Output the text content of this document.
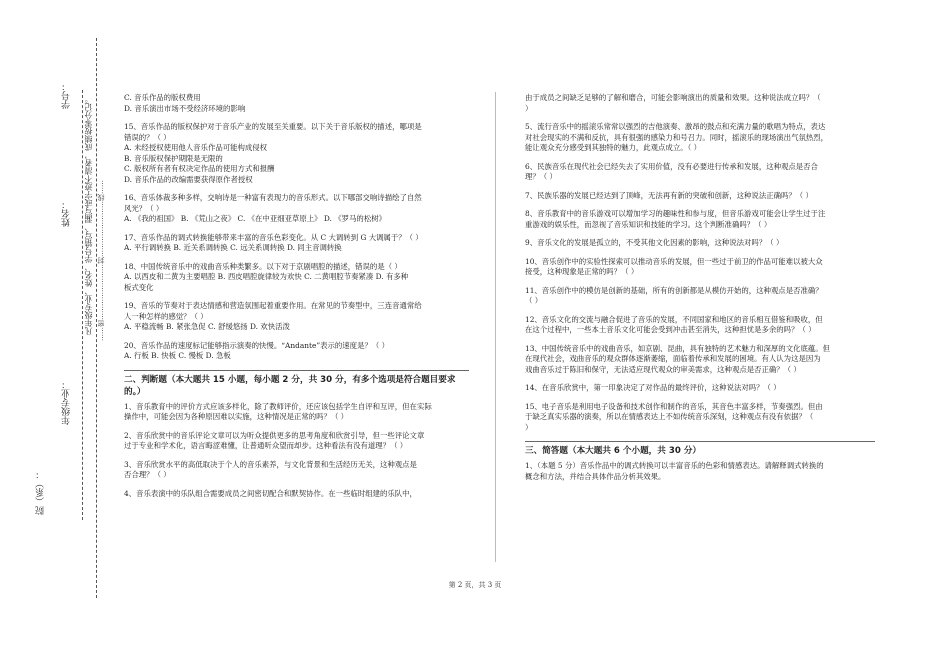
学号：
姓名：
年级专业：
院（系）：
凡年级专业、姓名、学号错写、漏写或字迹不清者，成绩按零分记。 ……密……………………封……………………线……

C. 音乐作品的版权费用

D. 音乐演出市场不受经济环境的影响

15、音乐作品的版权保护对于音乐产业的发展至关重要。以下关于音乐版权的描述，哪项是

错误的？（ ）

A. 未经授权使用他人音乐作品可能构成侵权

B. 音乐版权保护期限是无限的

C. 版权所有者有权决定作品的使用方式和报酬

D. 音乐作品的改编需要获得原作者授权

16、音乐体裁多种多样，交响诗是一种富有表现力的音乐形式。以下哪部交响诗描绘了自然

风光？（ ）

A. 《我的祖国》 B. 《荒山之夜》 C. 《在中亚细亚草原上》 D. 《罗马的松树》

17、音乐作品的调式转换能够带来丰富的音乐色彩变化。从 C 大调转到 G 大调属于？（ ）

A. 平行调转换 B. 近关系调转换 C. 远关系调转换 D. 同主音调转换

18、中国传统音乐中的戏曲音乐种类繁多。以下对于京剧唱腔的描述，错误的是（ ）

A. 以西皮和二黄为主要唱腔 B. 西皮唱腔旋律较为欢快 C. 二黄唱腔节奏紧凑 D. 有多种

板式变化

19、音乐的节奏对于表达情感和营造氛围起着重要作用。在常见的节奏型中，三连音通常给

人一种怎样的感觉？（ ）

A. 平稳流畅 B. 紧张急促 C. 舒缓悠扬 D. 欢快活泼

20、音乐作品的速度标记能够指示演奏的快慢。“Andante”表示的速度是？（ ）

A. 行板 B. 快板 C. 慢板 D. 急板

二、判断题（本大题共 15 小题，每小题 2 分，共 30 分，有多个选项是符合题目要求的。）

1、音乐教育中的评价方式应该多样化，除了教师评价，还应该包括学生自评和互评，但在实际

操作中，可能会因为各种原因难以实施，这种情况是正常的吗？（ ）

2、音乐欣赏中的音乐评论文章可以为听众提供更多的思考角度和欣赏引导，但一些评论文章

过于专业和学术化，语言晦涩难懂，让普通听众望而却步。这种看法有没有道理？（ ）

3、音乐欣赏水平的高低取决于个人的音乐素养，与文化背景和生活经历无关，这种观点是

否合理？（ ）

4、音乐表演中的乐队组合需要成员之间密切配合和默契协作。在一些临时组建的乐队中，

由于成员之间缺乏足够的了解和磨合，可能会影响演出的质量和效果。这种说法成立吗？（

）

5、流行音乐中的摇滚乐常常以强烈的吉他演奏、激昂的鼓点和充满力量的歌唱为特点，表达

对社会现实的不满和反抗，具有很强的感染力和号召力。同时，摇滚乐的现场演出气氛热烈，

能让观众充分感受到其独特的魅力，此观点成立。（ ）

6、民族音乐在现代社会已经失去了实用价值，没有必要进行传承和发展，这种观点是否合

理？（ ）

7、民族乐器的发展已经达到了顶峰，无法再有新的突破和创新，这种说法正确吗？（ ）

8、音乐教育中的音乐游戏可以增加学习的趣味性和参与度，但音乐游戏可能会让学生过于注

重游戏的娱乐性，而忽视了音乐知识和技能的学习。这个判断准确吗？（ ）

9、音乐文化的发展是孤立的，不受其他文化因素的影响，这种说法对吗？（ ）

10、音乐创作中的实验性探索可以推动音乐的发展，但一些过于前卫的作品可能难以被大众

接受，这种现象是正常的吗？（ ）

11、音乐创作中的模仿是创新的基础，所有的创新都是从模仿开始的，这种观点是否准确？

（ ）

12、音乐文化的交流与融合促进了音乐的发展，不同国家和地区的音乐相互借鉴和吸收，但

在这个过程中，一些本土音乐文化可能会受到冲击甚至消失，这种担忧是多余的吗？（ ）

13、中国传统音乐中的戏曲音乐，如京剧、昆曲，具有独特的艺术魅力和深厚的文化底蕴。但

在现代社会，戏曲音乐的观众群体逐渐萎缩，面临着传承和发展的困境。有人认为这是因为

戏曲音乐过于陈旧和保守，无法适应现代观众的审美需求，这种观点是否正确？（ ）

14、在音乐欣赏中，第一印象决定了对作品的最终评价，这种说法对吗？（ ）

15、电子音乐是利用电子设备和技术创作和制作的音乐，其音色丰富多样，节奏强烈。但由

于缺乏真实乐器的演奏，所以在情感表达上不如传统音乐深刻，这种观点有没有依据？（

）

三、简答题（本大题共 6 个小题，共 30 分）

1、（本题 5 分）音乐作品中的调式转换可以丰富音乐的色彩和情感表达。请解释调式转换的

概念和方法，并结合具体作品分析其效果。

第 2 页，共 3 页
